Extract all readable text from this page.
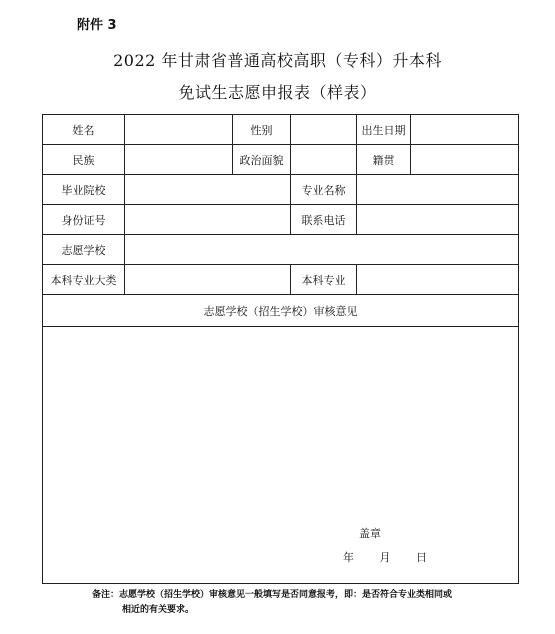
附件 3
2022 年甘肃省普通高校高职（专科）升本科
免试生志愿申报表（样表）
姓名		性别		出生日期	
民族		政治面貌		籍贯	
毕业院校			专业名称		
身份证号			联系电话		
志愿学校					
本科专业大类			本科专业		
志愿学校（招生学校）审核意见					

盖章
年 月 日					
备注：志愿学校（招生学校）审核意见一般填写是否同意报考，即：是否符合专业类相同或
相近的有关要求。
